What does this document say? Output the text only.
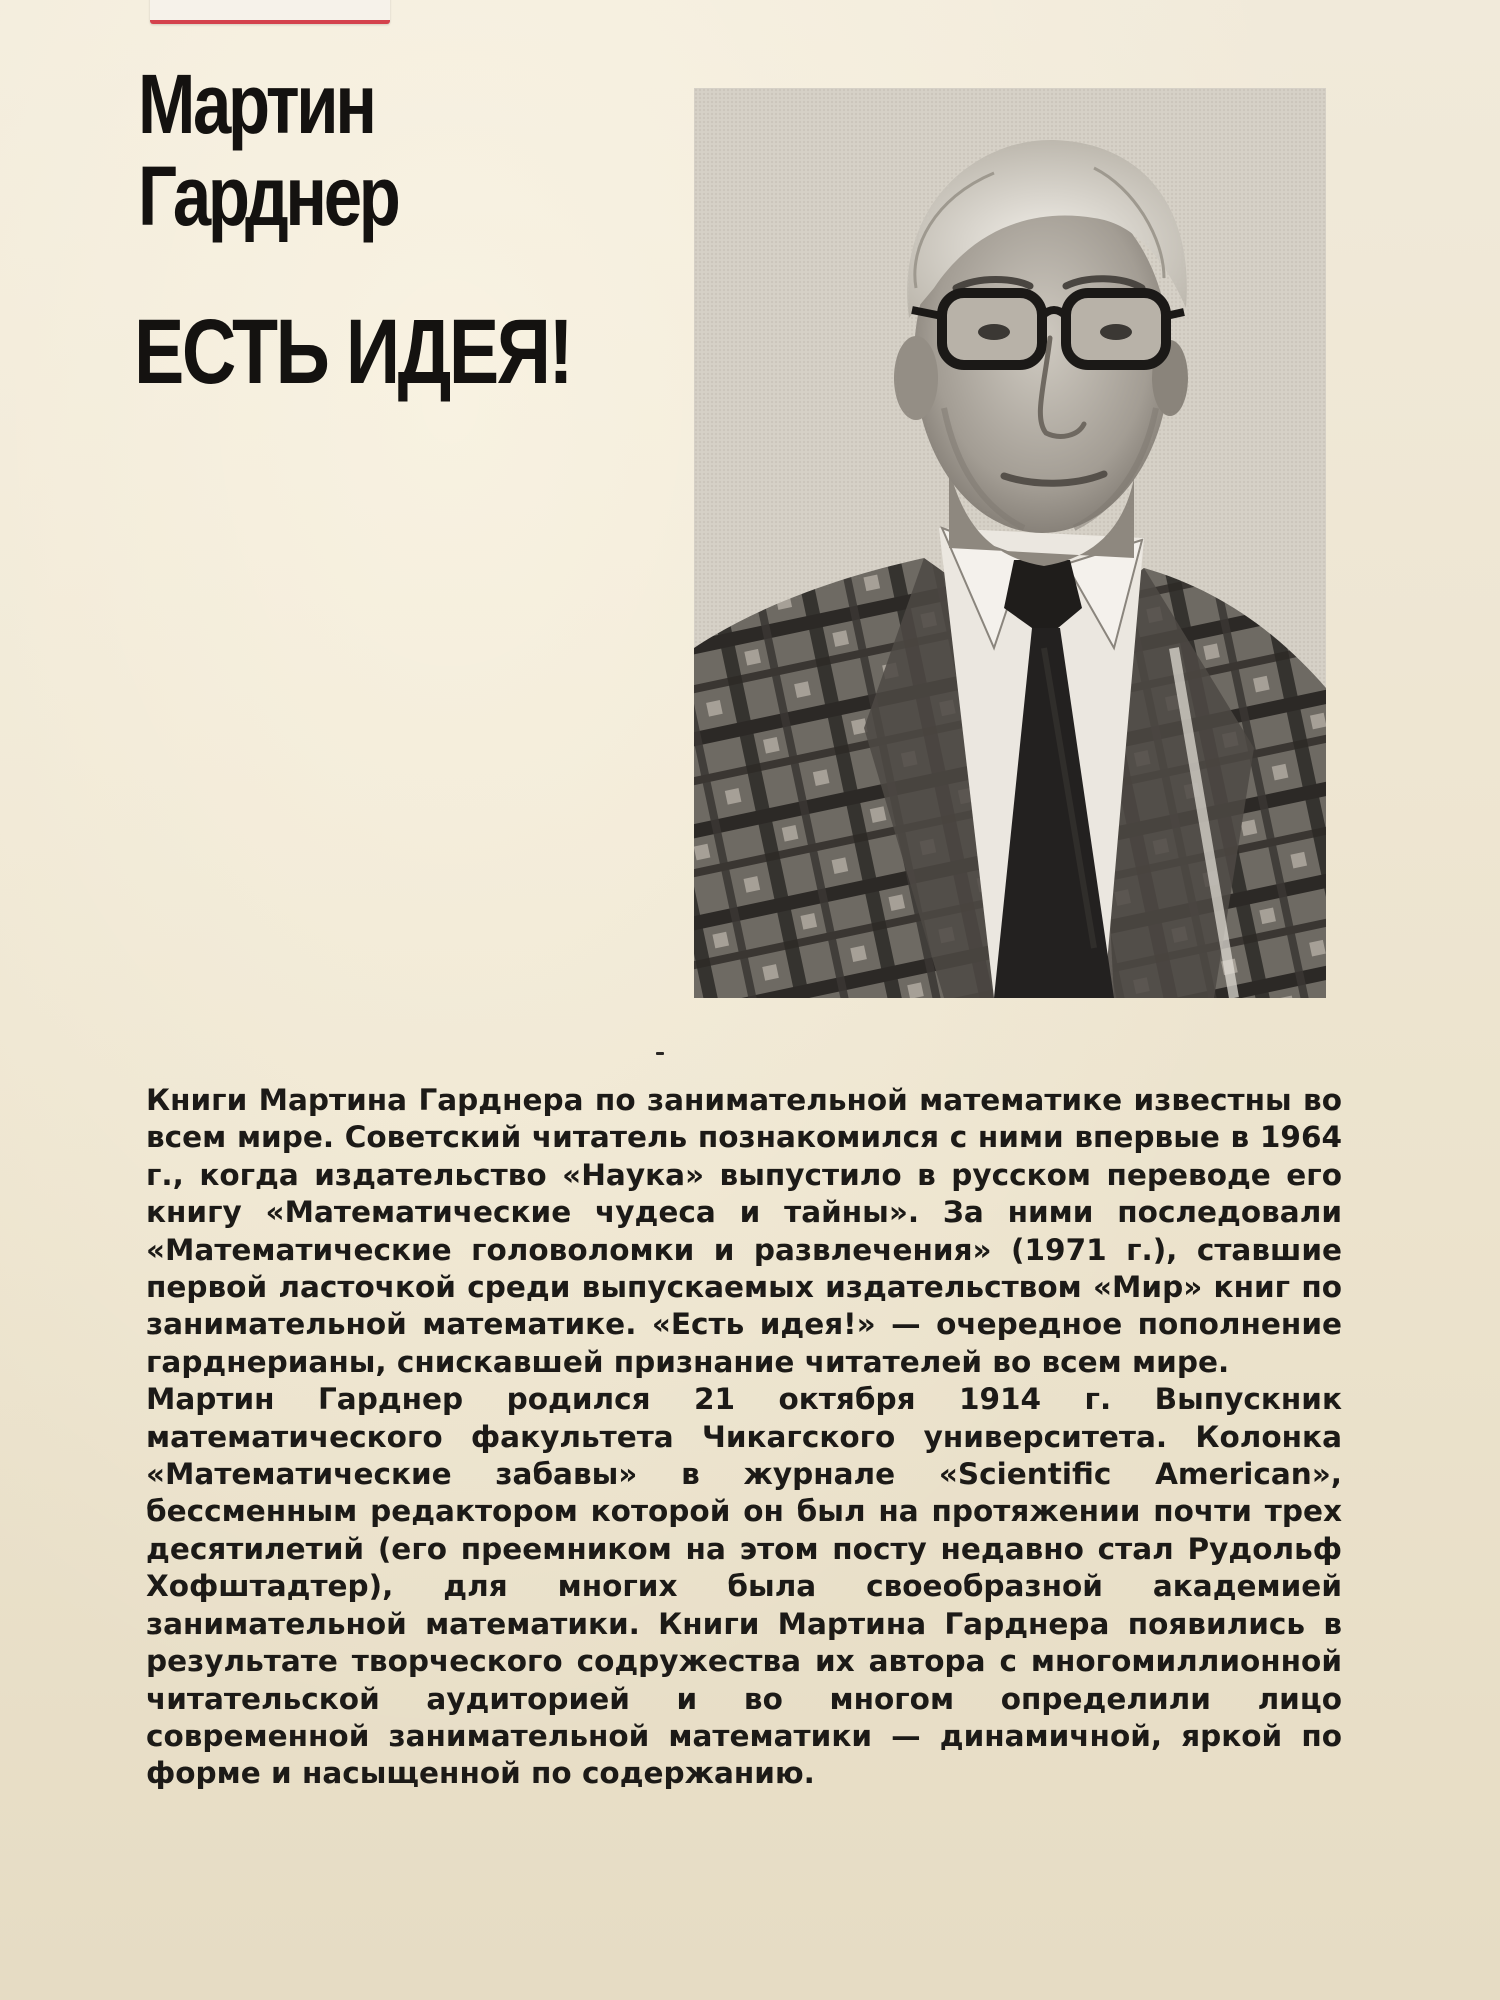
Мартин
Гарднер
ЕСТЬ ИДЕЯ!

Книги Мартина Гарднера по занимательной математике известны во всем мире. Советский читатель познакомился с ними впервые в 1964 г., когда издательство «Наука» выпустило в русском переводе его книгу «Математические чудеса и тайны». За ними последовали «Математические головоломки и развлечения» (1971 г.), ставшие первой ласточкой среди выпускаемых издательством «Мир» книг по занимательной математике. «Есть идея!» — очередное пополнение гарднерианы, снискавшей признание читателей во всем мире.

Мартин Гарднер родился 21 октября 1914 г. Выпускник математического факультета Чикагского университета. Колонка «Математические забавы» в журнале «Scientific American», бессменным редактором которой он был на протяжении почти трех десятилетий (его преемником на этом посту недавно стал Рудольф Хофштадтер), для многих была своеобразной академией занимательной математики. Книги Мартина Гарднера появились в результате творческого содружества их автора с многомиллионной читательской аудиторией и во многом определили лицо современной занимательной математики — динамичной, яркой по форме и насыщенной по содержанию.
